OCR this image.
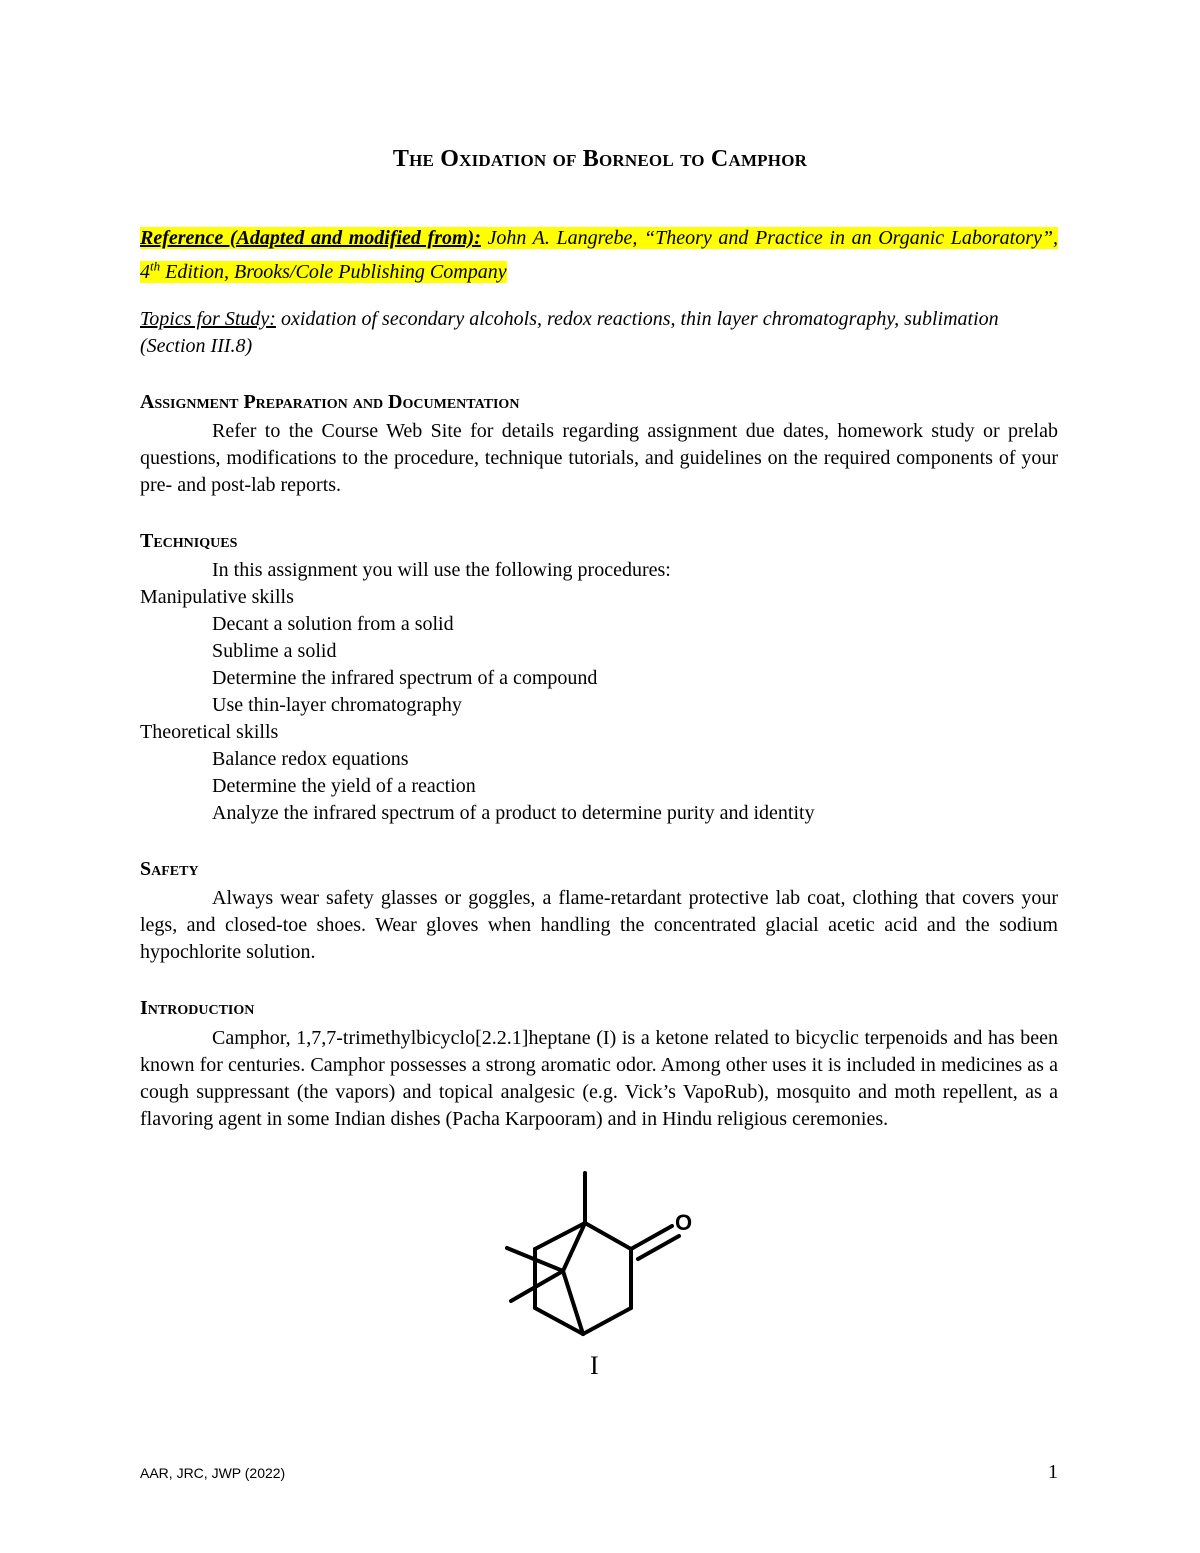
The Oxidation of Borneol to Camphor
Reference (Adapted and modified from): John A. Langrebe, “Theory and Practice in an Organic Laboratory”, 4th Edition, Brooks/Cole Publishing Company
Topics for Study: oxidation of secondary alcohols, redox reactions, thin layer chromatography, sublimation (Section III.8)
Assignment Preparation and Documentation
Refer to the Course Web Site for details regarding assignment due dates, homework study or prelab questions, modifications to the procedure, technique tutorials, and guidelines on the required components of your pre- and post-lab reports.
Techniques
In this assignment you will use the following procedures:
Manipulative skills
Decant a solution from a solid
Sublime a solid
Determine the infrared spectrum of a compound
Use thin-layer chromatography
Theoretical skills
Balance redox equations
Determine the yield of a reaction
Analyze the infrared spectrum of a product to determine purity and identity
Safety
Always wear safety glasses or goggles, a flame-retardant protective lab coat, clothing that covers your legs, and closed-toe shoes. Wear gloves when handling the concentrated glacial acetic acid and the sodium hypochlorite solution.
Introduction
Camphor, 1,7,7-trimethylbicyclo[2.2.1]heptane (I) is a ketone related to bicyclic terpenoids and has been known for centuries. Camphor possesses a strong aromatic odor. Among other uses it is included in medicines as a cough suppressant (the vapors) and topical analgesic (e.g. Vick’s VapoRub), mosquito and moth repellent, as a flavoring agent in some Indian dishes (Pacha Karpooram) and in Hindu religious ceremonies.
O
I
AAR, JRC, JWP (2022)	1
